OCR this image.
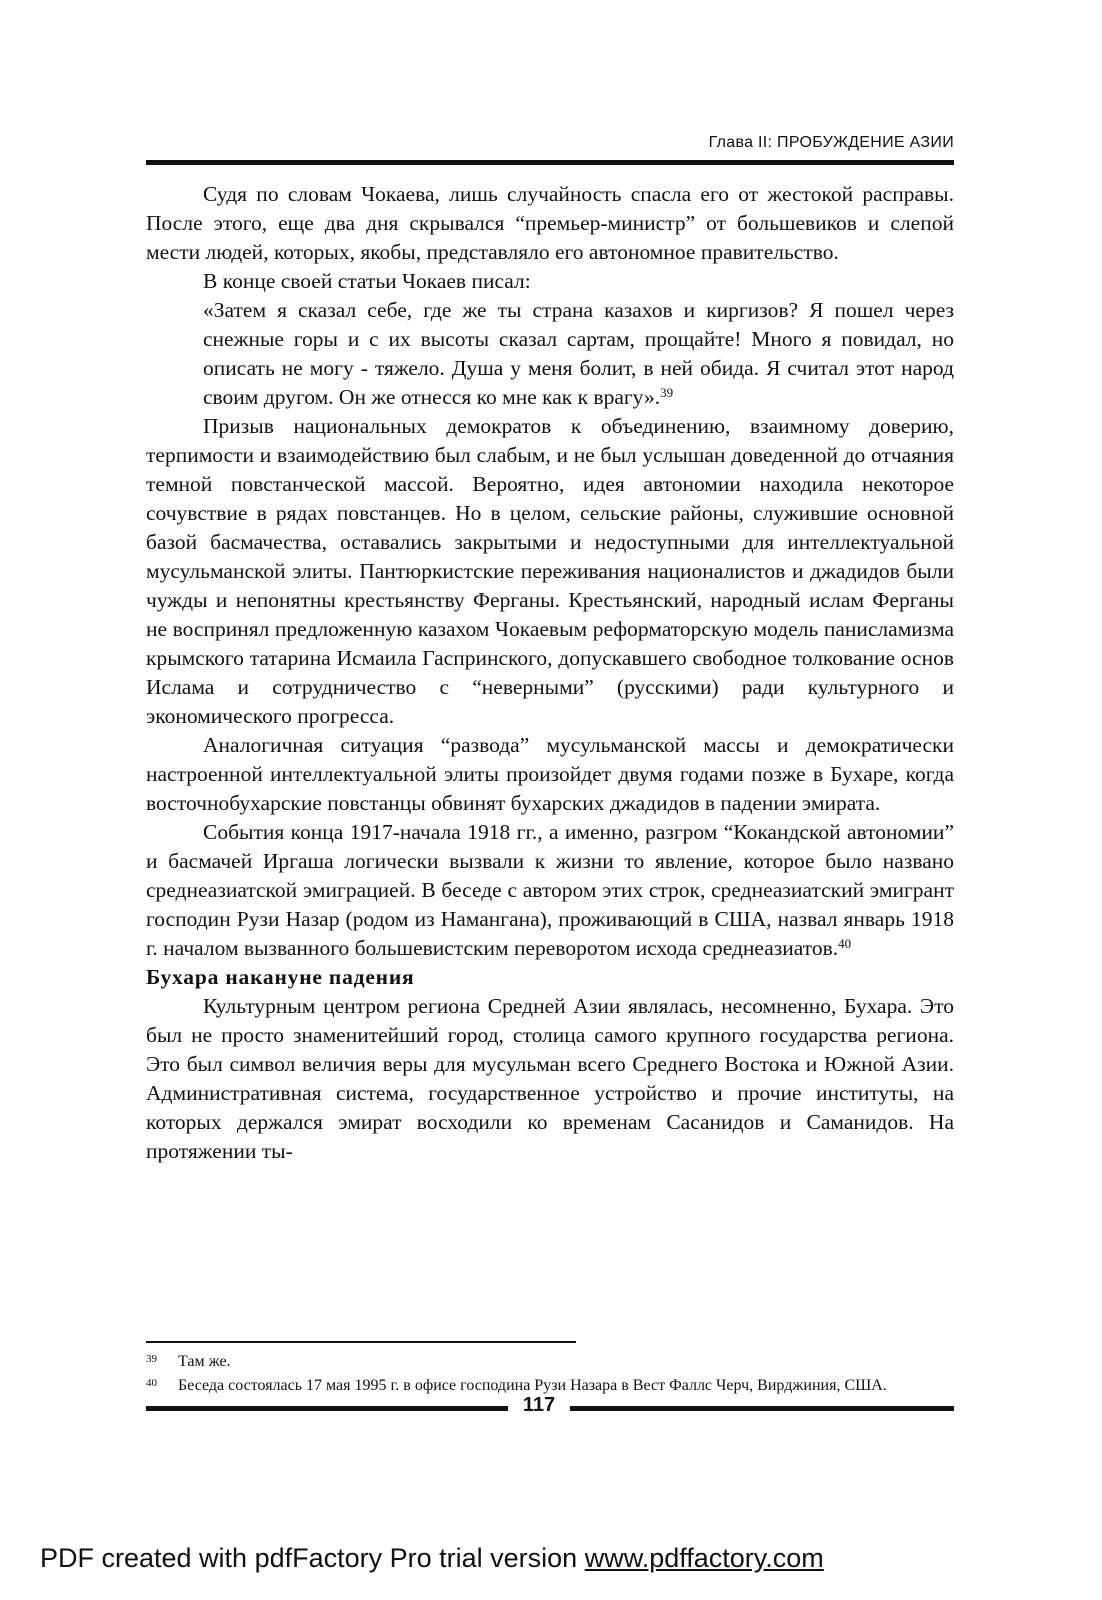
Глава II: ПРОБУЖДЕНИЕ АЗИИ

Судя по словам Чокаева, лишь случайность спасла его от жестокой расправы. После этого, еще два дня скрывался “премьер-министр” от большевиков и слепой мести людей, которых, якобы, представляло его автономное правительство.

В конце своей статьи Чокаев писал:

«Затем я сказал себе, где же ты страна казахов и киргизов? Я пошел через снежные горы и с их высоты сказал сартам, прощайте! Много я повидал, но описать не могу - тяжело. Душа у меня болит, в ней обида. Я считал этот народ своим другом. Он же отнесся ко мне как к врагу».$^{39}$

Призыв национальных демократов к объединению, взаимному доверию, терпимости и взаимодействию был слабым, и не был услышан доведенной до отчаяния темной повстанческой массой. Вероятно, идея автономии находила некоторое сочувствие в рядах повстанцев. Но в целом, сельские районы, служившие основной базой басмачества, оставались закрытыми и недоступными для интеллектуальной мусульманской элиты. Пантюркистские переживания националистов и джадидов были чужды и непонятны крестьянству Ферганы. Крестьянский, народный ислам Ферганы не воспринял предложенную казахом Чокаевым реформаторскую модель панисламизма крымского татарина Исмаила Гаспринского, допускавшего свободное толкование основ Ислама и сотрудничество с “неверными” (русскими) ради культурного и экономического прогресса.

Аналогичная ситуация “развода” мусульманской массы и демократически настроенной интеллектуальной элиты произойдет двумя годами позже в Бухаре, когда восточнобухарские повстанцы обвинят бухарских джадидов в падении эмирата.

События конца 1917-начала 1918 гг., а именно, разгром “Кокандской автономии” и басмачей Иргаша логически вызвали к жизни то явление, которое было названо среднеазиатской эмиграцией. В беседе с автором этих строк, среднеазиатский эмигрант господин Рузи Назар (родом из Намангана), проживающий в США, назвал январь 1918 г. началом вызванного большевистским переворотом исхода среднеазиатов.$^{40}$

Бухара накануне падения

Культурным центром региона Средней Азии являлась, несомненно, Бухара. Это был не просто знаменитейший город, столица самого крупного государства региона. Это был символ величия веры для мусульман всего Среднего Востока и Южной Азии. Административная система, государственное устройство и прочие институты, на которых держался эмират восходили ко временам Сасанидов и Саманидов. На протяжении ты-

39 Там же.
40 Беседа состоялась 17 мая 1995 г. в офисе господина Рузи Назара в Вест Фаллс Черч, Вирджиния, США.
117
PDF created with pdfFactory Pro trial version www.pdffactory.com
